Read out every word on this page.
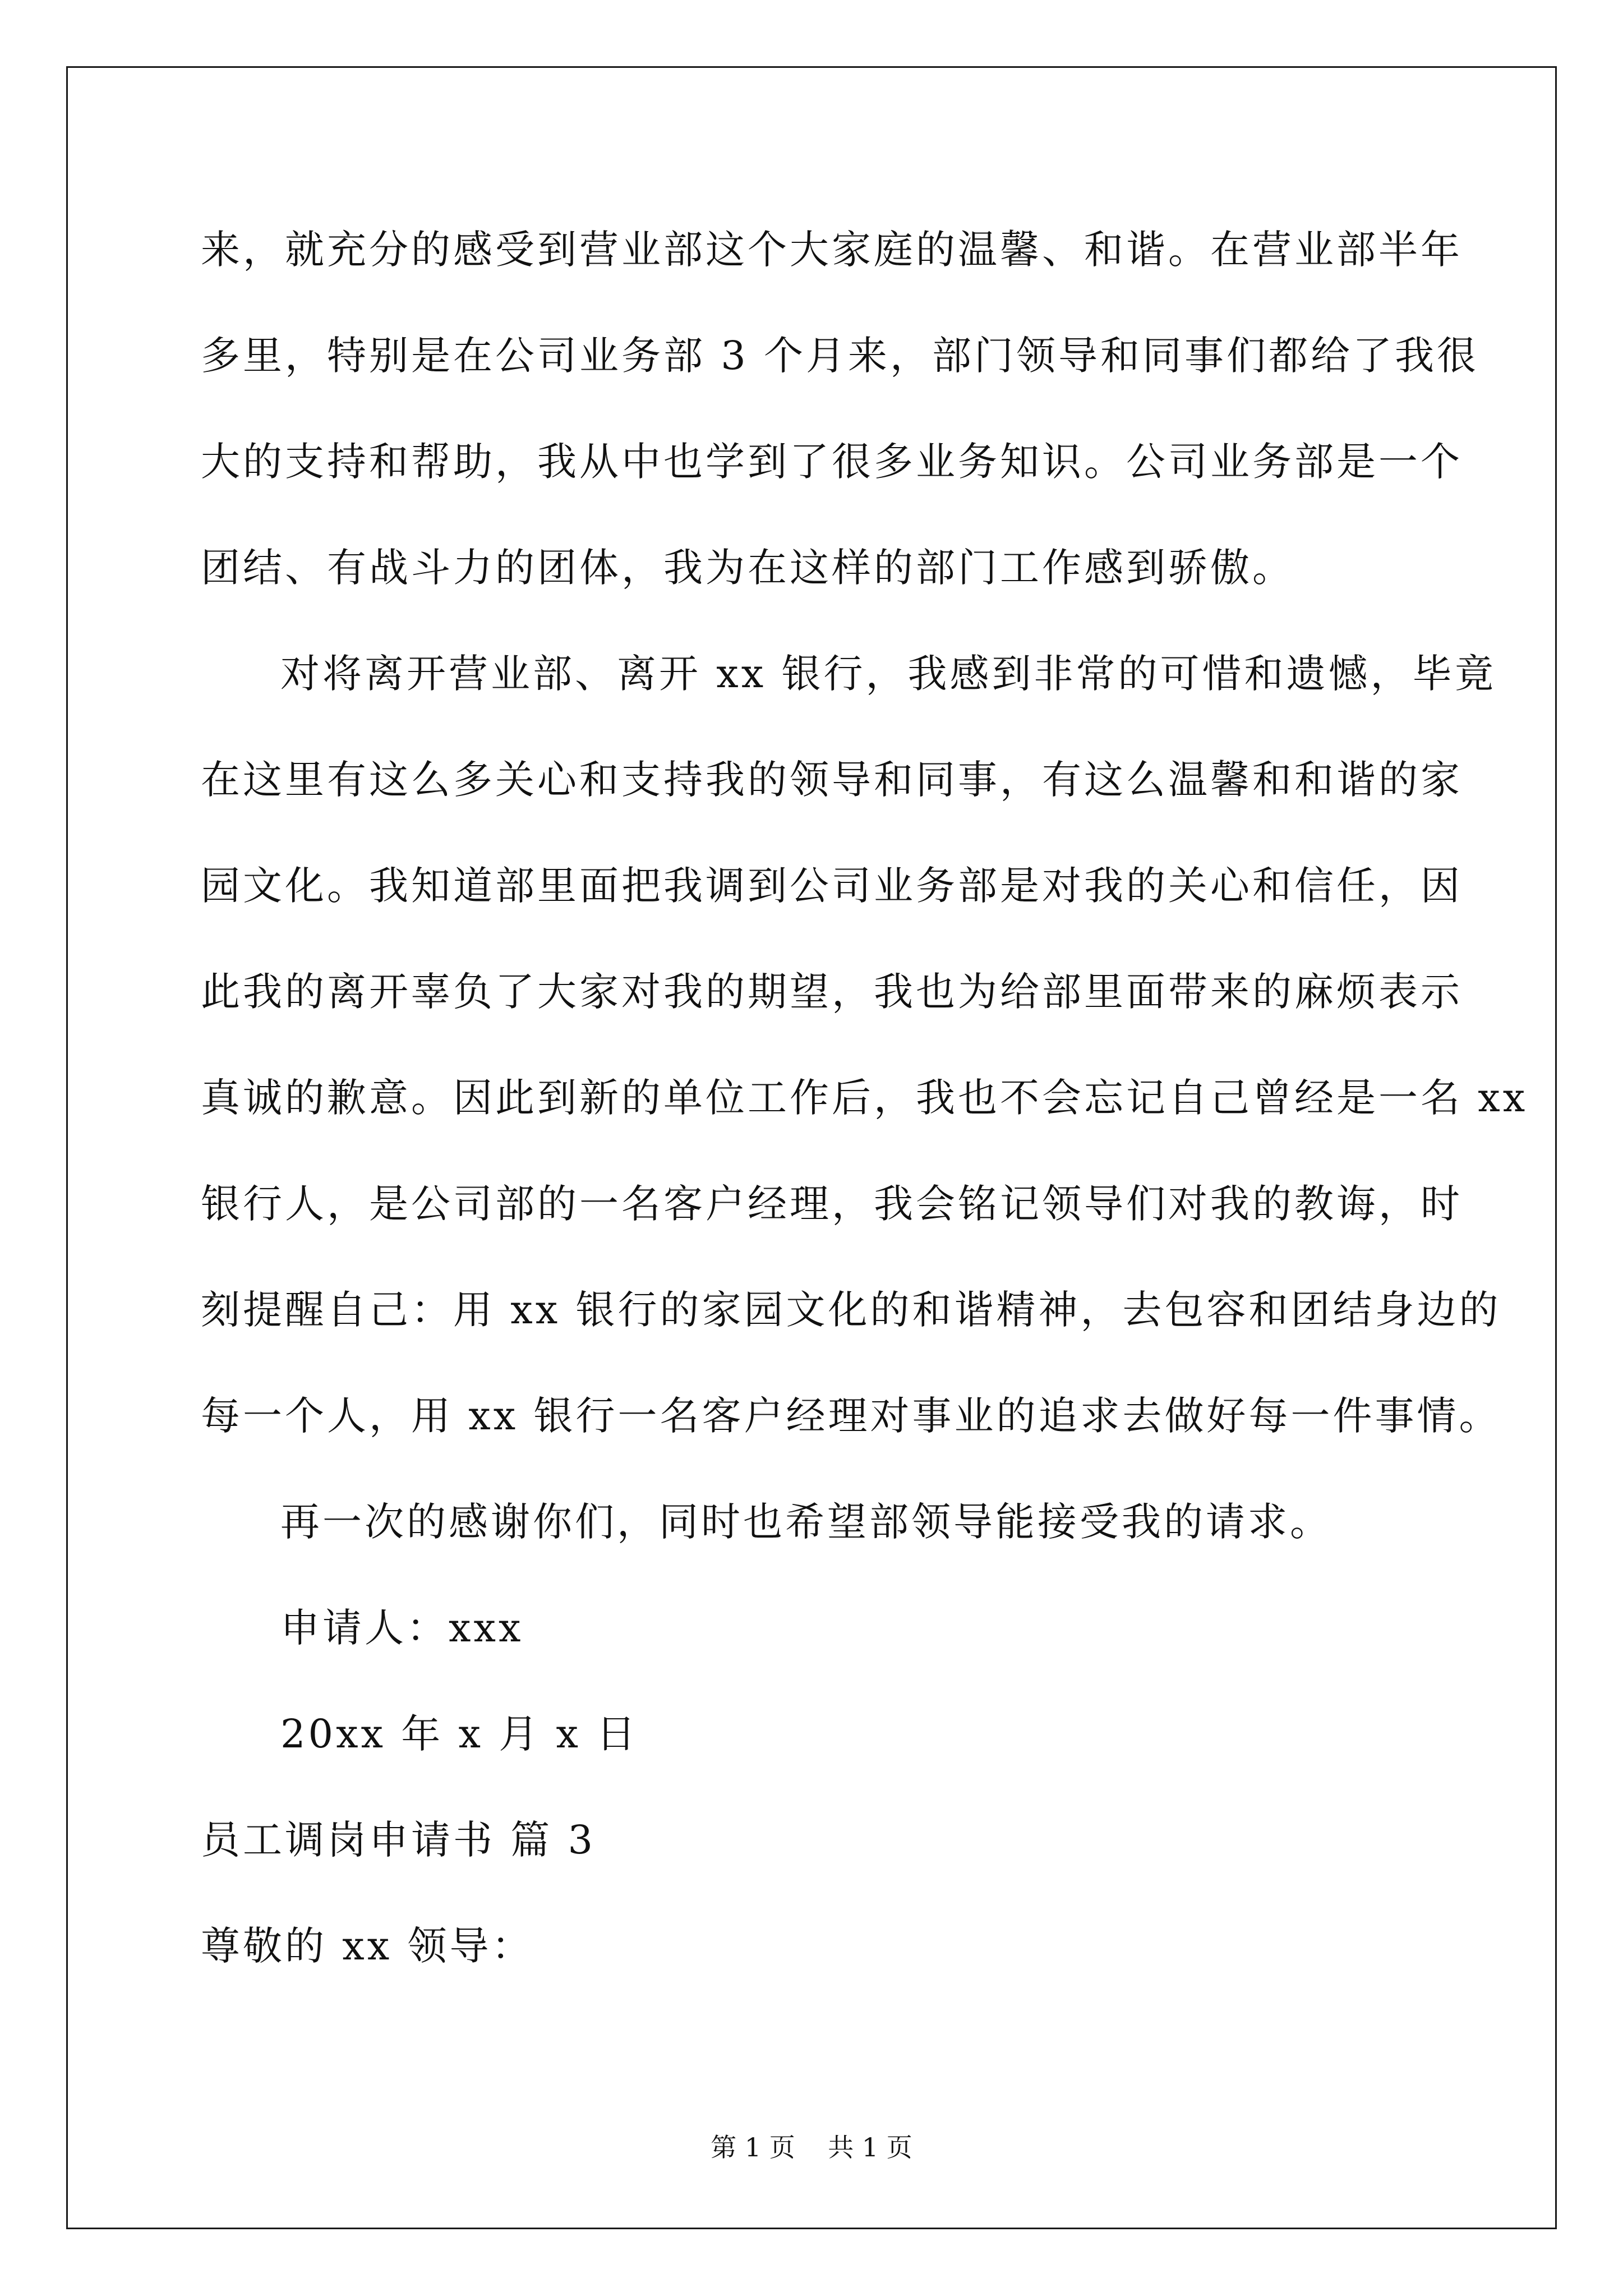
来，就充分的感受到营业部这个大家庭的温馨、和谐。在营业部半年
多里，特别是在公司业务部 3 个月来，部门领导和同事们都给了我很
大的支持和帮助，我从中也学到了很多业务知识。公司业务部是一个
团结、有战斗力的团体，我为在这样的部门工作感到骄傲。
对将离开营业部、离开 xx 银行，我感到非常的可惜和遗憾，毕竟
在这里有这么多关心和支持我的领导和同事，有这么温馨和和谐的家
园文化。我知道部里面把我调到公司业务部是对我的关心和信任，因
此我的离开辜负了大家对我的期望，我也为给部里面带来的麻烦表示
真诚的歉意。因此到新的单位工作后，我也不会忘记自己曾经是一名 xx
银行人，是公司部的一名客户经理，我会铭记领导们对我的教诲，时
刻提醒自己：用 xx 银行的家园文化的和谐精神，去包容和团结身边的
每一个人，用 xx 银行一名客户经理对事业的追求去做好每一件事情。
再一次的感谢你们，同时也希望部领导能接受我的请求。
申请人：xxx
20xx 年 x 月 x 日
员工调岗申请书 篇 3
尊敬的 xx 领导：
第 1 页    共 1 页
